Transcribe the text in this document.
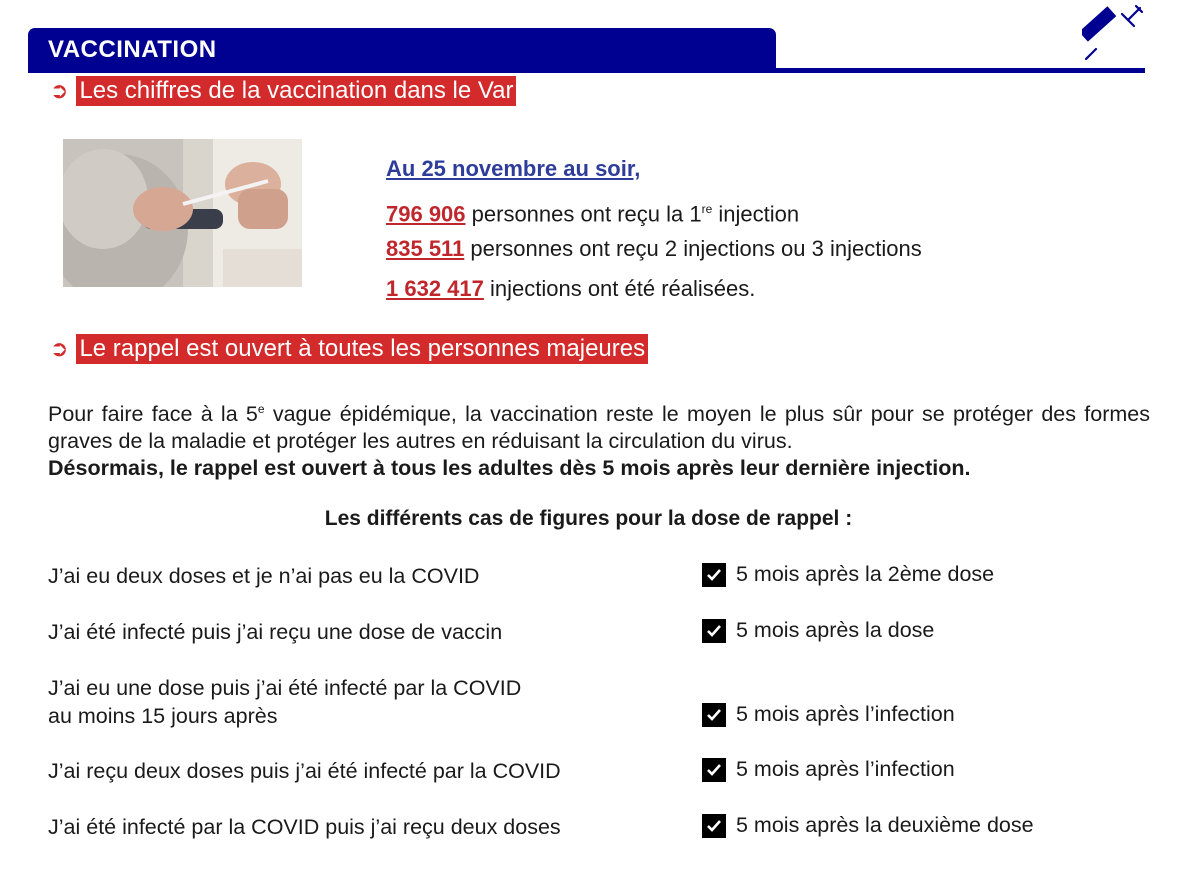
VACCINATION
➲ Les chiffres de la vaccination dans le Var
Au 25 novembre au soir,
796 906 personnes ont reçu la 1re injection
835 511 personnes ont reçu 2 injections ou 3 injections
1 632 417 injections ont été réalisées.
➲ Le rappel est ouvert à toutes les personnes majeures
Pour faire face à la 5e vague épidémique, la vaccination reste le moyen le plus sûr pour se protéger des formes graves de la maladie et protéger les autres en réduisant la circulation du virus.
Désormais, le rappel est ouvert à tous les adultes dès 5 mois après leur dernière injection.
Les différents cas de figures pour la dose de rappel :
J’ai eu deux doses et je n’ai pas eu la COVID	5 mois après la 2ème dose
J’ai été infecté puis j’ai reçu une dose de vaccin	5 mois après la dose
J’ai eu une dose puis j’ai été infecté par la COVID
au moins 15 jours après	5 mois après l’infection
J’ai reçu deux doses puis j’ai été infecté par la COVID	5 mois après l’infection
J’ai été infecté par la COVID puis j’ai reçu deux doses	5 mois après la deuxième dose
